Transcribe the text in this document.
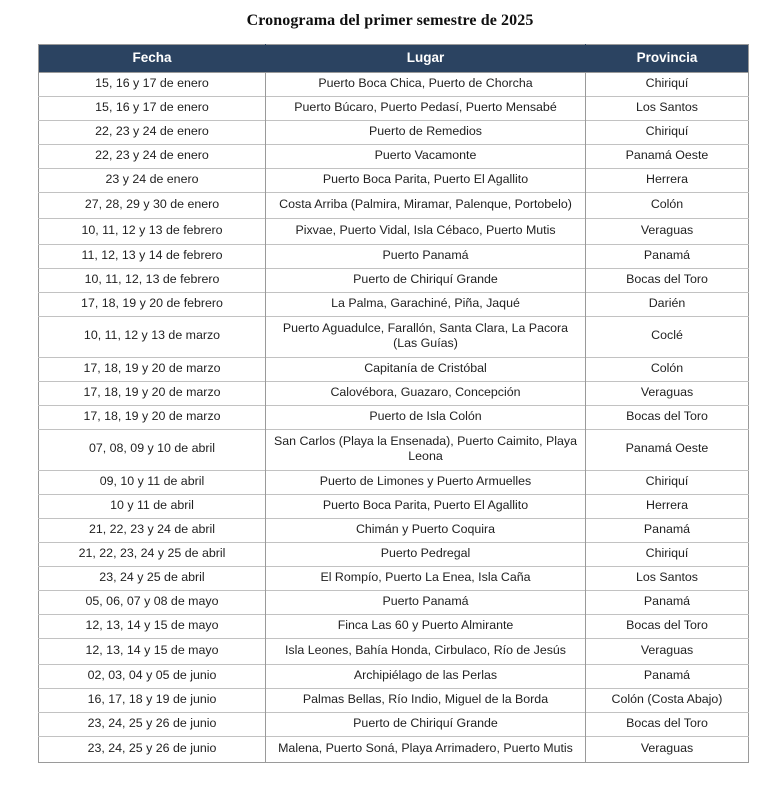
Cronograma del primer semestre de 2025
Fecha	Lugar	Provincia
15, 16 y 17 de enero	Puerto Boca Chica, Puerto de Chorcha	Chiriquí
15, 16 y 17 de enero	Puerto Búcaro, Puerto Pedasí, Puerto Mensabé	Los Santos
22, 23 y 24 de enero	Puerto de Remedios	Chiriquí
22, 23 y 24 de enero	Puerto Vacamonte	Panamá Oeste
23 y 24 de enero	Puerto Boca Parita, Puerto El Agallito	Herrera
27, 28, 29 y 30 de enero	Costa Arriba (Palmira, Miramar, Palenque, Portobelo)	Colón
10, 11, 12 y 13 de febrero	Pixvae, Puerto Vidal, Isla Cébaco, Puerto Mutis	Veraguas
11, 12, 13 y 14 de febrero	Puerto Panamá	Panamá
10, 11, 12, 13 de febrero	Puerto de Chiriquí Grande	Bocas del Toro
17, 18, 19 y 20 de febrero	La Palma, Garachiné, Piña, Jaqué	Darién
10, 11, 12 y 13 de marzo	Puerto Aguadulce, Farallón, Santa Clara, La Pacora (Las Guías)	Coclé
17, 18, 19 y 20 de marzo	Capitanía de Cristóbal	Colón
17, 18, 19 y 20 de marzo	Calovébora, Guazaro, Concepción	Veraguas
17, 18, 19 y 20 de marzo	Puerto de Isla Colón	Bocas del Toro
07, 08, 09 y 10 de abril	San Carlos (Playa la Ensenada), Puerto Caimito, Playa Leona	Panamá Oeste
09, 10 y 11 de abril	Puerto de Limones y Puerto Armuelles	Chiriquí
10 y 11 de abril	Puerto Boca Parita, Puerto El Agallito	Herrera
21, 22, 23 y 24 de abril	Chimán y Puerto Coquira	Panamá
21, 22, 23, 24 y 25 de abril	Puerto Pedregal	Chiriquí
23, 24 y 25 de abril	El Rompío, Puerto La Enea, Isla Caña	Los Santos
05, 06, 07 y 08 de mayo	Puerto Panamá	Panamá
12, 13, 14 y 15 de mayo	Finca Las 60 y Puerto Almirante	Bocas del Toro
12, 13, 14 y 15 de mayo	Isla Leones, Bahía Honda, Cirbulaco, Río de Jesús	Veraguas
02, 03, 04 y 05 de junio	Archipiélago de las Perlas	Panamá
16, 17, 18 y 19 de junio	Palmas Bellas, Río Indio, Miguel de la Borda	Colón (Costa Abajo)
23, 24, 25 y 26 de junio	Puerto de Chiriquí Grande	Bocas del Toro
23, 24, 25 y 26 de junio	Malena, Puerto Soná, Playa Arrimadero, Puerto Mutis	Veraguas
